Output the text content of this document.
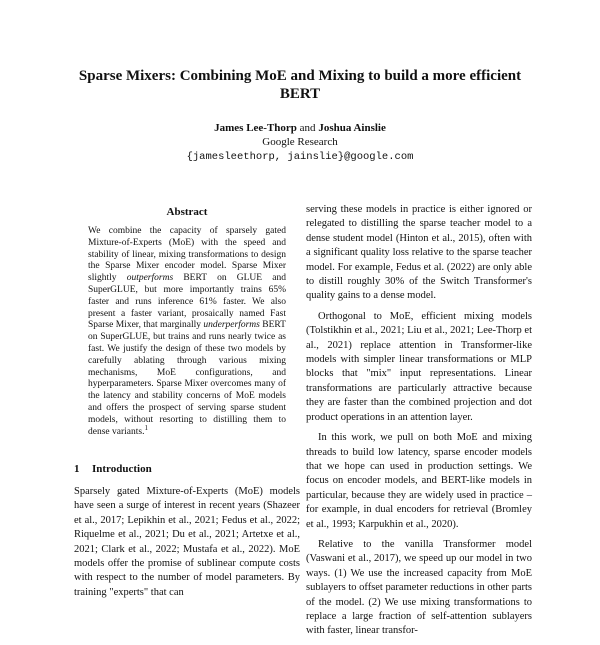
Sparse Mixers: Combining MoE and Mixing to build a more efficient BERT
James Lee-Thorp and Joshua Ainslie
Google Research
{jamesleethorp, jainslie}@google.com
Abstract

We combine the capacity of sparsely gated Mixture-of-Experts (MoE) with the speed and stability of linear, mixing transformations to design the Sparse Mixer encoder model. Sparse Mixer slightly outperforms BERT on GLUE and SuperGLUE, but more importantly trains 65% faster and runs inference 61% faster. We also present a faster variant, prosaically named Fast Sparse Mixer, that marginally underperforms BERT on SuperGLUE, but trains and runs nearly twice as fast. We justify the design of these two models by carefully ablating through various mixing mechanisms, MoE configurations, and hyperparameters. Sparse Mixer overcomes many of the latency and stability concerns of MoE models and offers the prospect of serving sparse student models, without resorting to distilling them to dense variants.$^1$

1 Introduction

Sparsely gated Mixture-of-Experts (MoE) models have seen a surge of interest in recent years (Shazeer et al., 2017; Lepikhin et al., 2021; Fedus et al., 2022; Riquelme et al., 2021; Du et al., 2021; Artetxe et al., 2021; Clark et al., 2022; Mustafa et al., 2022). MoE models offer the promise of sublinear compute costs with respect to the number of model parameters. By training "experts" that can

serving these models in practice is either ignored or relegated to distilling the sparse teacher model to a dense student model (Hinton et al., 2015), often with a significant quality loss relative to the sparse teacher model. For example, Fedus et al. (2022) are only able to distill roughly 30% of the Switch Transformer's quality gains to a dense model.

Orthogonal to MoE, efficient mixing models (Tolstikhin et al., 2021; Liu et al., 2021; Lee-Thorp et al., 2021) replace attention in Transformer-like models with simpler linear transformations or MLP blocks that "mix" input representations. Linear transformations are particularly attractive because they are faster than the combined projection and dot product operations in an attention layer.

In this work, we pull on both MoE and mixing threads to build low latency, sparse encoder models that we hope can used in production settings. We focus on encoder models, and BERT-like models in particular, because they are widely used in practice – for example, in dual encoders for retrieval (Bromley et al., 1993; Karpukhin et al., 2020).

Relative to the vanilla Transformer model (Vaswani et al., 2017), we speed up our model in two ways. (1) We use the increased capacity from MoE sublayers to offset parameter reductions in other parts of the model. (2) We use mixing transformations to replace a large fraction of self-attention sublayers with faster, linear transfor-
